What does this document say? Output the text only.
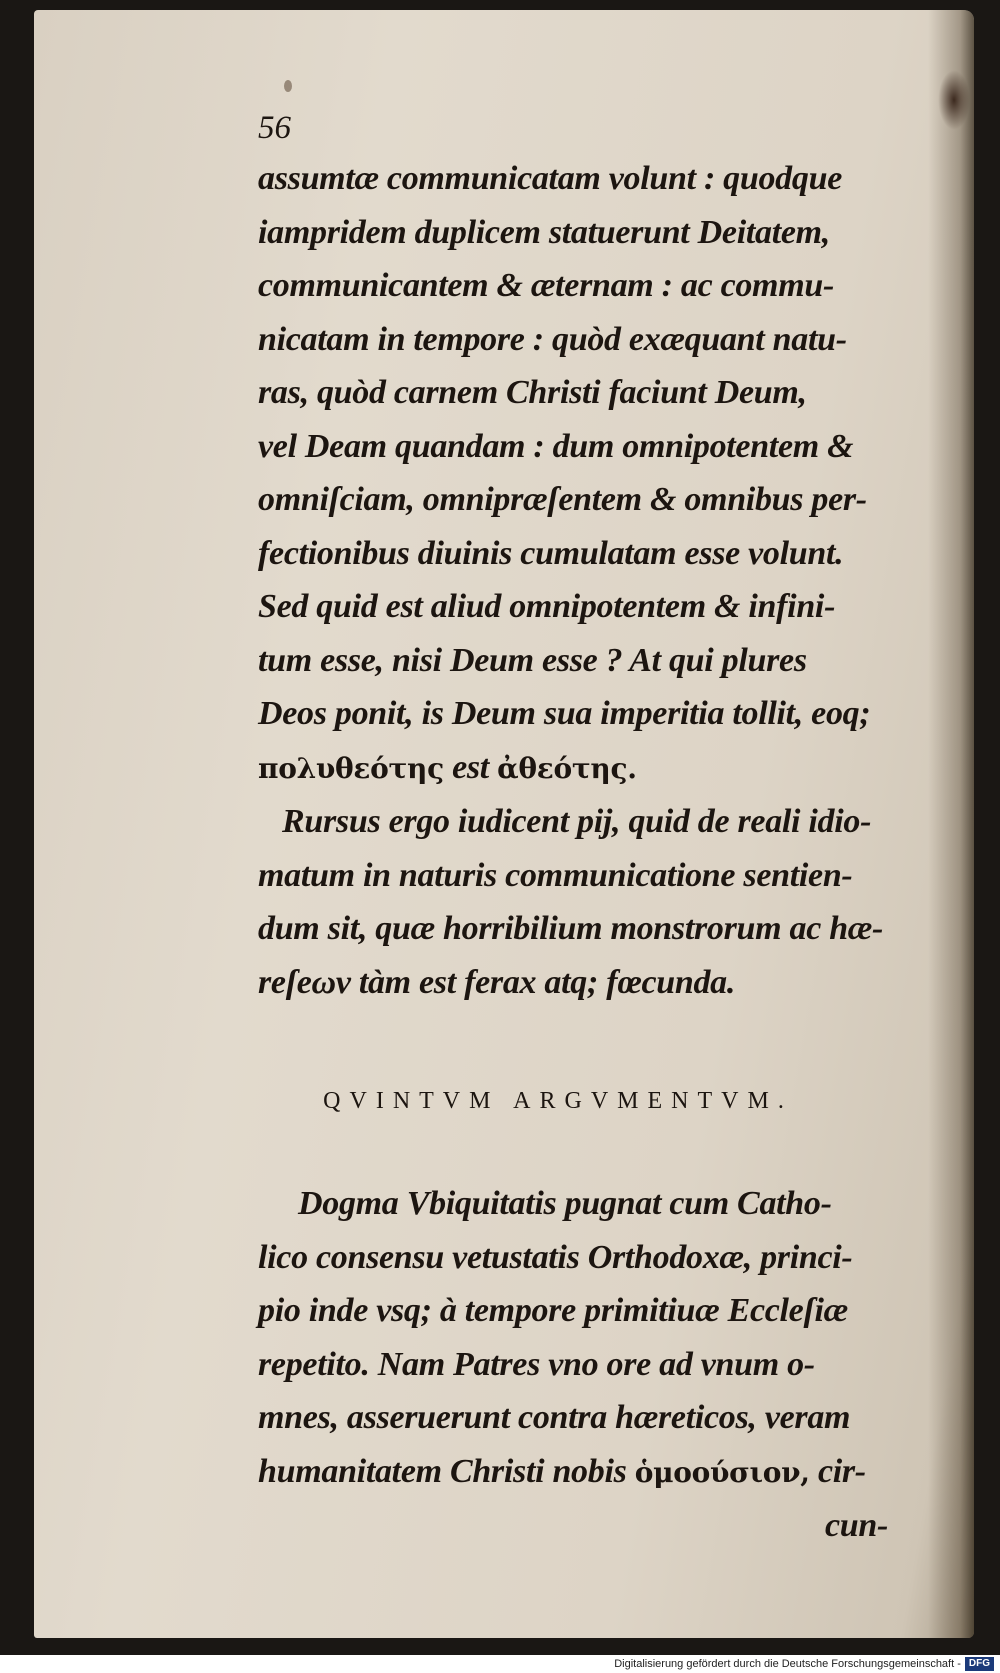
56

assumtæ communicatam volunt : quodque

iampridem duplicem statuerunt Deitatem,

communicantem & æternam : ac commu-

nicatam in tempore : quòd exæquant natu-

ras, quòd carnem Christi faciunt Deum,

vel Deam quandam : dum omnipotentem &

omniſciam, omnipræſentem & omnibus per-

fectionibus diuinis cumulatam esse volunt.

Sed quid est aliud omnipotentem & infini-

tum esse, nisi Deum esse ? At qui plures

Deos ponit, is Deum sua imperitia tollit, eoq;

πολυθεότης est ἀθεότης.

Rursus ergo iudicent pij, quid de reali idio-

matum in naturis communicatione sentien-

dum sit, quæ horribilium monstrorum ac hæ-

reſeων tàm est ferax atq; fœcunda.

QVINTVM ARGVMENTVM.

Dogma Vbiquitatis pugnat cum Catho-

lico consensu vetustatis Orthodoxæ, princi-

pio inde vsq; à tempore primitiuæ Eccleſiæ

repetito. Nam Patres vno ore ad vnum o-

mnes, asseruerunt contra hæreticos, veram

humanitatem Christi nobis ὁμοούσιον, cir-

cun-

Digitalisierung gefördert durch die Deutsche Forschungsgemeinschaft - DFG
